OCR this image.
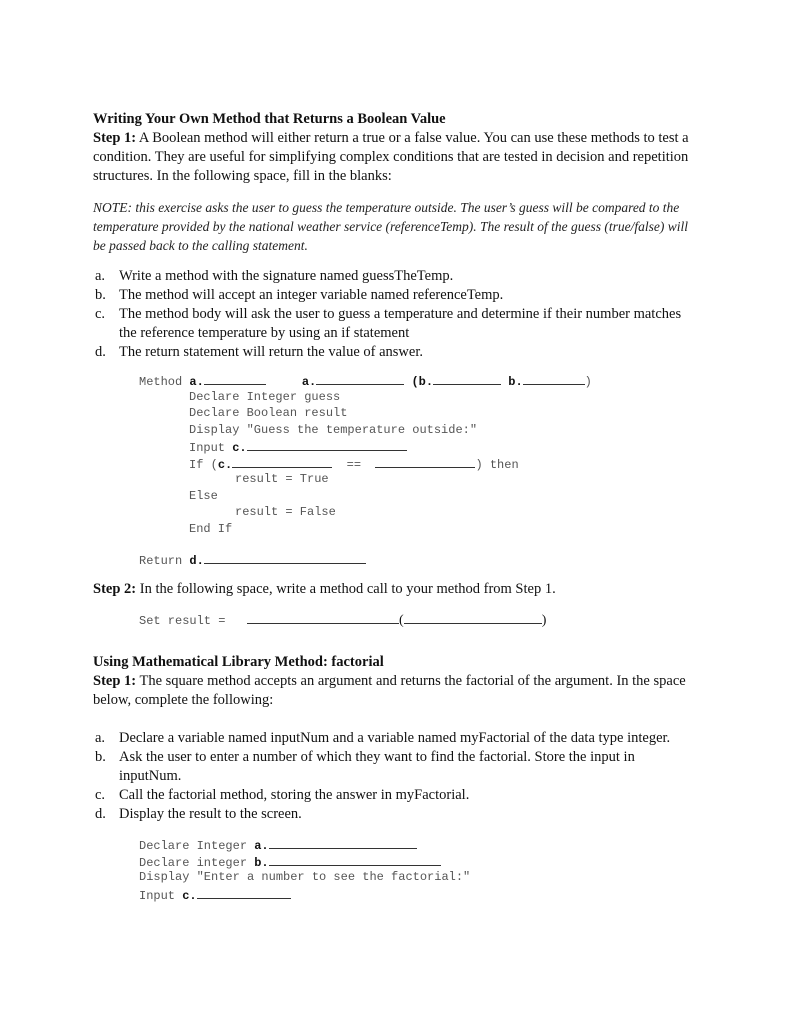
Writing Your Own Method that Returns a Boolean Value

Step 1: A Boolean method will either return a true or a false value. You can use these methods to test a condition. They are useful for simplifying complex conditions that are tested in decision and repetition structures. In the following space, fill in the blanks:

NOTE: this exercise asks the user to guess the temperature outside. The user’s guess will be compared to the temperature provided by the national weather service (referenceTemp). The result of the guess (true/false) will be passed back to the calling statement.

a. Write a method with the signature named guessTheTemp.
b. The method will accept an integer variable named referenceTemp.
c. The method body will ask the user to guess a temperature and determine if their number matches the reference temperature by using an if statement
d. The return statement will return the value of answer.
Method a.	a.	(b.	b.	)
Declare Integer guess
Declare Boolean result
Display "Guess the temperature outside:"
Input c.
If (c.	==	) then
result = True
Else
result = False
End If
Return d.

Step 2: In the following space, write a method call to your method from Step 1.

Set result =	(	)

Using Mathematical Library Method: factorial

Step 1: The square method accepts an argument and returns the factorial of the argument. In the space below, complete the following:

a. Declare a variable named inputNum and a variable named myFactorial of the data type integer.
b. Ask the user to enter a number of which they want to find the factorial. Store the input in inputNum.
c. Call the factorial method, storing the answer in myFactorial.
d. Display the result to the screen.
Declare Integer a.
Declare integer b.
Display "Enter a number to see the factorial:"
Input c.
